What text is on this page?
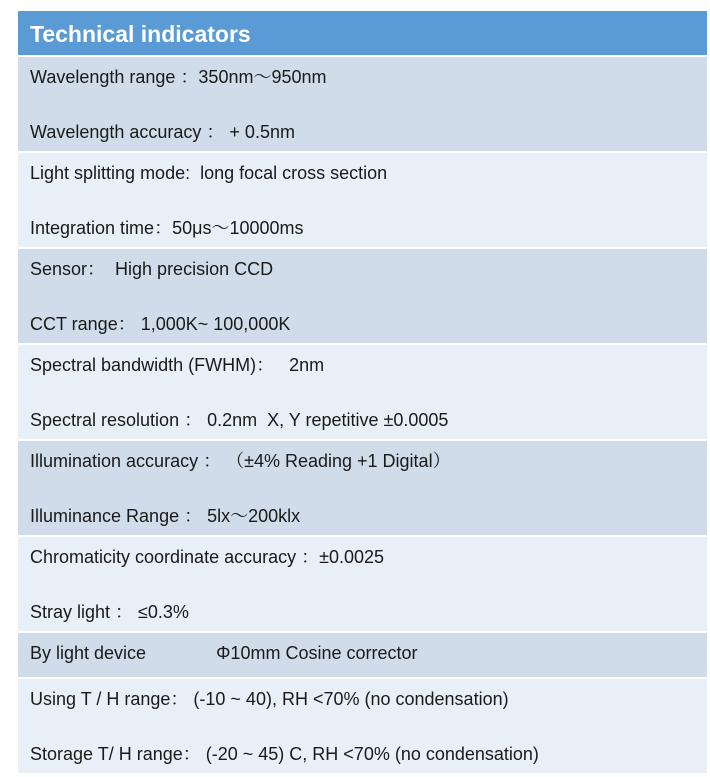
Technical indicators
Wavelength range ：350nm～950nm
Wavelength accuracy ： + 0.5nm
Light splitting mode:  long focal cross section
Integration time：50μs～10000ms
Sensor：  High precision CCD
CCT range： 1,000K~ 100,000K
Spectral bandwidth (FWHM)：   2nm
Spectral resolution ： 0.2nm  X, Y repetitive ±0.0005
Illumination accuracy ： （±4% Reading +1 Digital）
Illuminance Range ： 5lx～200klx
Chromaticity coordinate accuracy ：±0.0025
Stray light ： ≤0.3%
By light device              Φ10mm Cosine corrector
Using T / H range： (-10 ~ 40), RH <70% (no condensation)
Storage T/ H range： (-20 ~ 45) C, RH <70% (no condensation)
